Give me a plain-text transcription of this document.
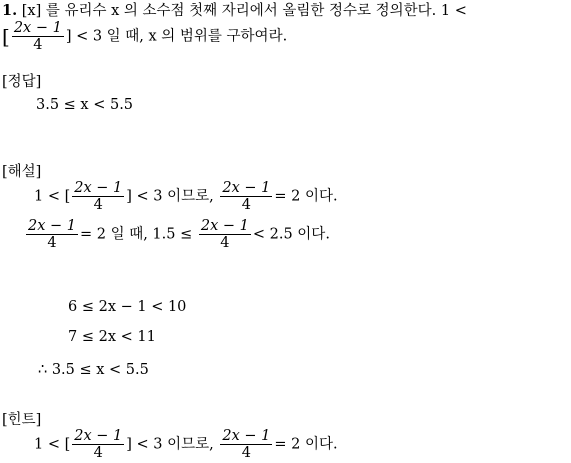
1. [x] 를 유리수 x 의 소수점 첫째 자리에서 올림한 정수로 정의한다. 1 <
[ $\frac{2x - 1}{4}$ ] < 3 일 때, x 의 범위를 구하여라.
[정답]
3.5 ≤ x < 5.5
[해설]
1 < [ $\frac{2x - 1}{4}$ ] < 3 이므로, $\frac{2x - 1}{4} = 2$ 이다.
$\frac{2x - 1}{4} = 2$ 일 때, $1.5 \le \frac{2x - 1}{4} < 2.5$ 이다.
6 ≤ 2x − 1 < 10
7 ≤ 2x < 11
∴ 3.5 ≤ x < 5.5
[힌트]
1 < [ $\frac{2x - 1}{4}$ ] < 3 이므로, $\frac{2x - 1}{4} = 2$ 이다.
